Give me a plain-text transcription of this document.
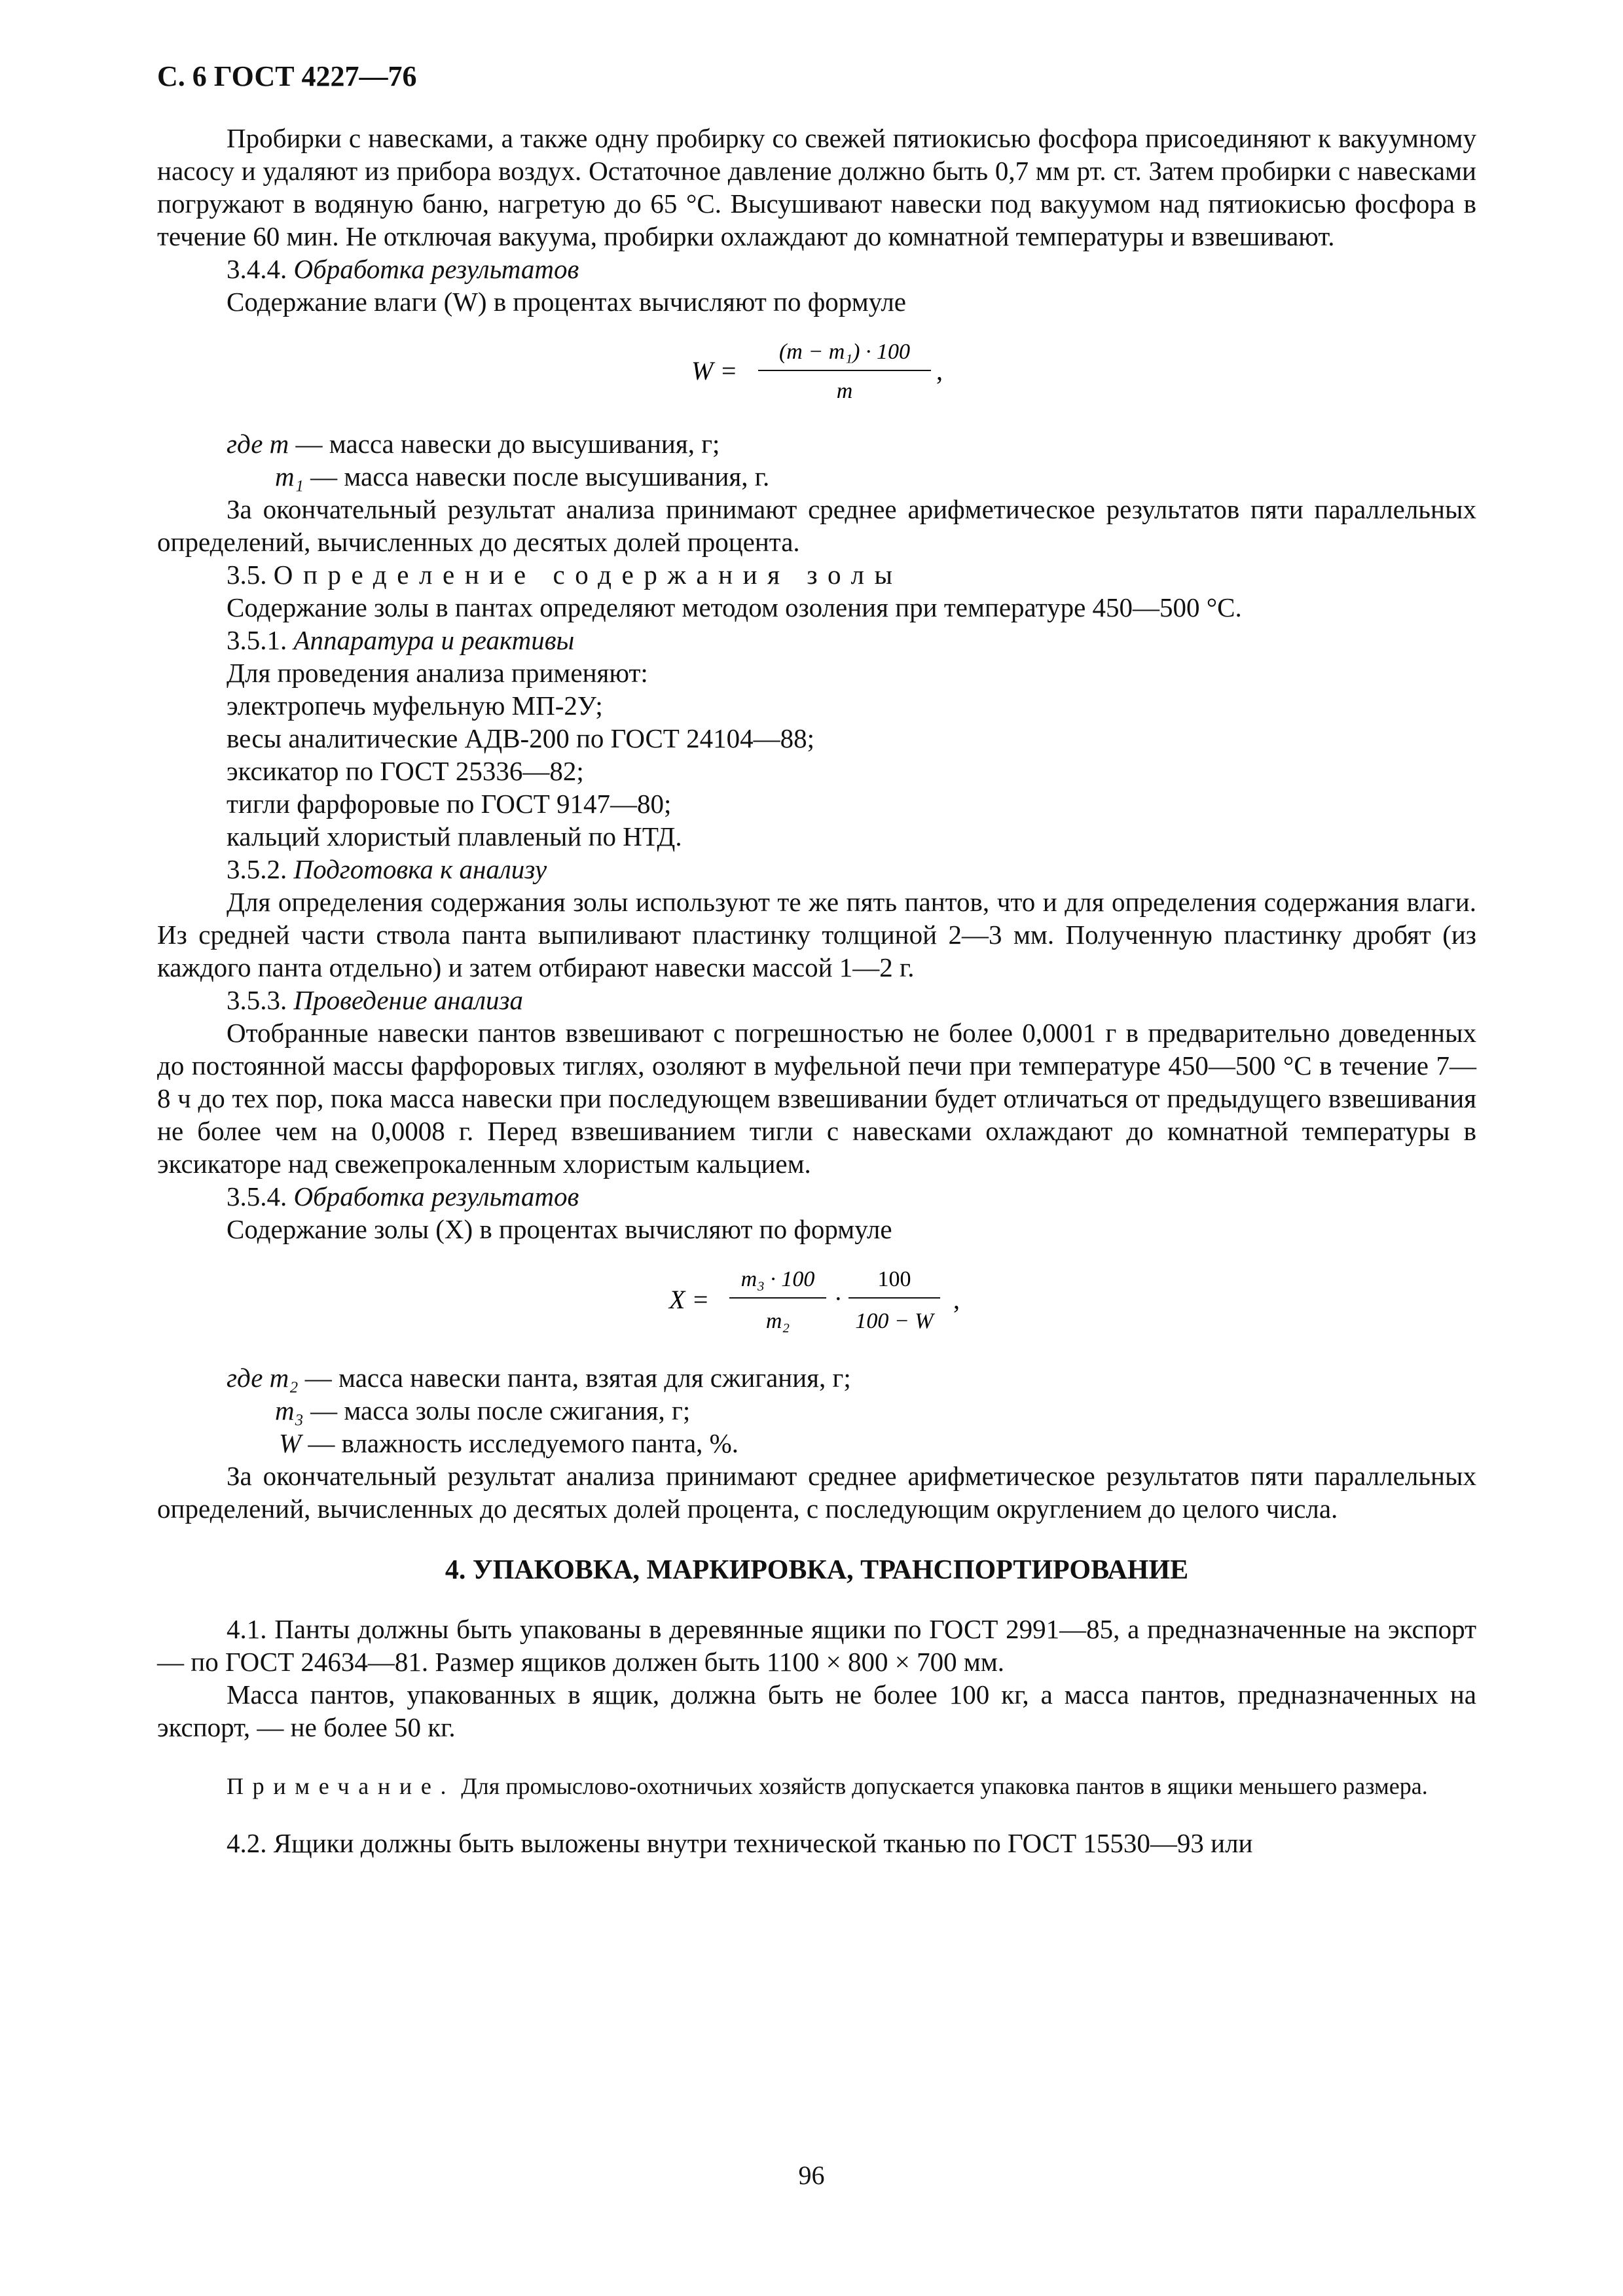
С. 6 ГОСТ 4227—76

Пробирки с навесками, а также одну пробирку со свежей пятиокисью фосфора присоединяют к вакуумному насосу и удаляют из прибора воздух. Остаточное давление должно быть 0,7 мм рт. ст. Затем пробирки с навесками погружают в водяную баню, нагретую до 65 °С. Высушивают навески под вакуумом над пятиокисью фосфора в течение 60 мин. Не отключая вакуума, пробирки охлаждают до комнатной температуры и взвешивают.

3.4.4. Обработка результатов

Содержание влаги (W) в процентах вычисляют по формуле

W =
(m − m₁) · 100
m
,

где m — масса навески до высушивания, г;

m₁ — масса навески после высушивания, г.

За окончательный результат анализа принимают среднее арифметическое результатов пяти параллельных определений, вычисленных до десятых долей процента.

3.5. Определение содержания золы

Содержание золы в пантах определяют методом озоления при температуре 450—500 °С.

3.5.1. Аппаратура и реактивы

Для проведения анализа применяют:

электропечь муфельную МП-2У;

весы аналитические АДВ-200 по ГОСТ 24104—88;

эксикатор по ГОСТ 25336—82;

тигли фарфоровые по ГОСТ 9147—80;

кальций хлористый плавленый по НТД.

3.5.2. Подготовка к анализу

Для определения содержания золы используют те же пять пантов, что и для определения содержания влаги. Из средней части ствола панта выпиливают пластинку толщиной 2—3 мм. Полученную пластинку дробят (из каждого панта отдельно) и затем отбирают навески массой 1—2 г.

3.5.3. Проведение анализа

Отобранные навески пантов взвешивают с погрешностью не более 0,0001 г в предварительно доведенных до постоянной массы фарфоровых тиглях, озоляют в муфельной печи при температуре 450—500 °С в течение 7—8 ч до тех пор, пока масса навески при последующем взвешивании будет отличаться от предыдущего взвешивания не более чем на 0,0008 г. Перед взвешиванием тигли с навесками охлаждают до комнатной температуры в эксикаторе над свежепрокаленным хлористым кальцием.

3.5.4. Обработка результатов

Содержание золы (X) в процентах вычисляют по формуле

X =
m₃ · 100
m₂
·
100
100 − W
,

где m₂ — масса навески панта, взятая для сжигания, г;

m₃ — масса золы после сжигания, г;

W — влажность исследуемого панта, %.

За окончательный результат анализа принимают среднее арифметическое результатов пяти параллельных определений, вычисленных до десятых долей процента, с последующим округлением до целого числа.

4. УПАКОВКА, МАРКИРОВКА, ТРАНСПОРТИРОВАНИЕ

4.1. Панты должны быть упакованы в деревянные ящики по ГОСТ 2991—85, а предназначенные на экспорт — по ГОСТ 24634—81. Размер ящиков должен быть 1100 × 800 × 700 мм.

Масса пантов, упакованных в ящик, должна быть не более 100 кг, а масса пантов, предназначенных на экспорт, — не более 50 кг.

Примечание. Для промыслово-охотничьих хозяйств допускается упаковка пантов в ящики меньшего размера.

4.2. Ящики должны быть выложены внутри технической тканью по ГОСТ 15530—93 или

96
